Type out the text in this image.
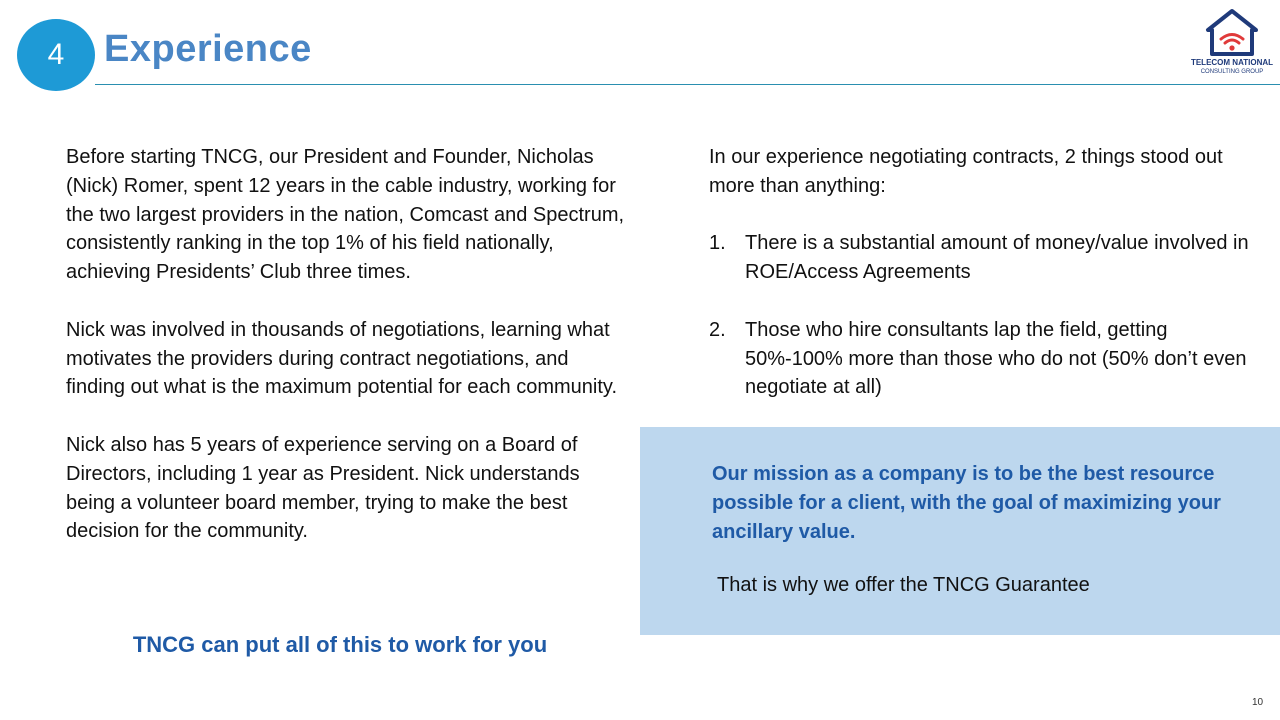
4 Experience	TELECOM NATIONAL
CONSULTING GROUP

Before starting TNCG, our President and Founder, Nicholas (Nick) Romer, spent 12 years in the cable industry, working for the two largest providers in the nation, Comcast and Spectrum, consistently ranking in the top 1% of his field nationally, achieving Presidents’ Club three times.

Nick was involved in thousands of negotiations, learning what motivates the providers during contract negotiations, and finding out what is the maximum potential for each community.

Nick also has 5 years of experience serving on a Board of Directors, including 1 year as President. Nick understands being a volunteer board member, trying to make the best decision for the community.

TNCG can put all of this to work for you

In our experience negotiating contracts, 2 things stood out more than anything:

1. There is a substantial amount of money/value involved in ROE/Access Agreements
2. Those who hire consultants lap the field, getting 50%-100% more than those who do not (50% don’t even negotiate at all)
Our mission as a company is to be the best resource possible for a client, with the goal of maximizing your ancillary value.
That is why we offer the TNCG Guarantee
10
